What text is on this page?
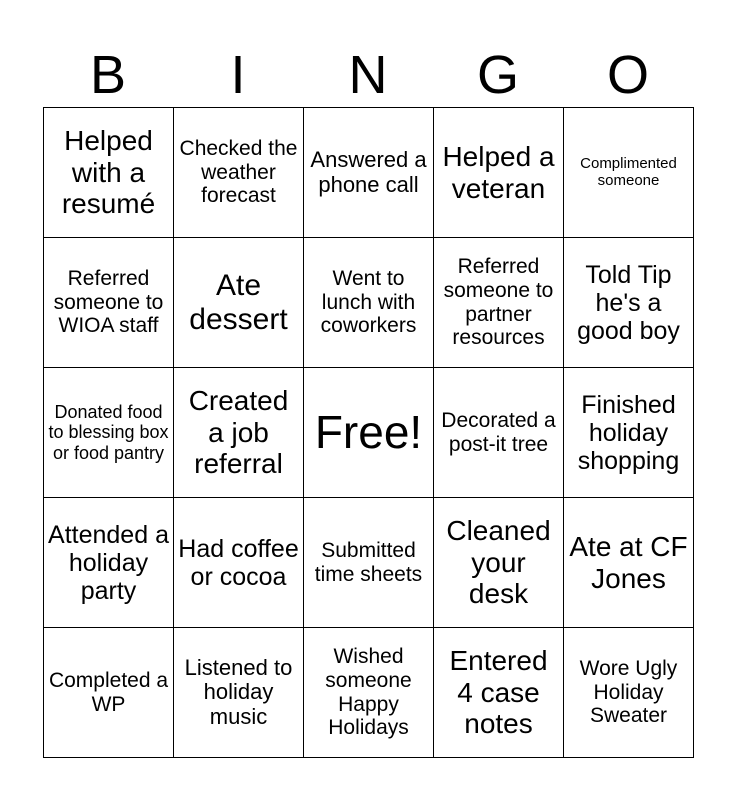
B	I	N	G	O
Helped with a resumé	Checked the weather forecast	Answered a phone call	Helped a veteran	Complimented someone
Referred someone to WIOA staff	Ate dessert	Went to lunch with coworkers	Referred someone to partner resources	Told Tip he's a good boy
Donated food to blessing box or food pantry	Created a job referral	Free!	Decorated a post-it tree	Finished holiday shopping
Attended a holiday party	Had coffee or cocoa	Submitted time sheets	Cleaned your desk	Ate at CF Jones
Completed a WP	Listened to holiday music	Wished someone Happy Holidays	Entered 4 case notes	Wore Ugly Holiday Sweater
